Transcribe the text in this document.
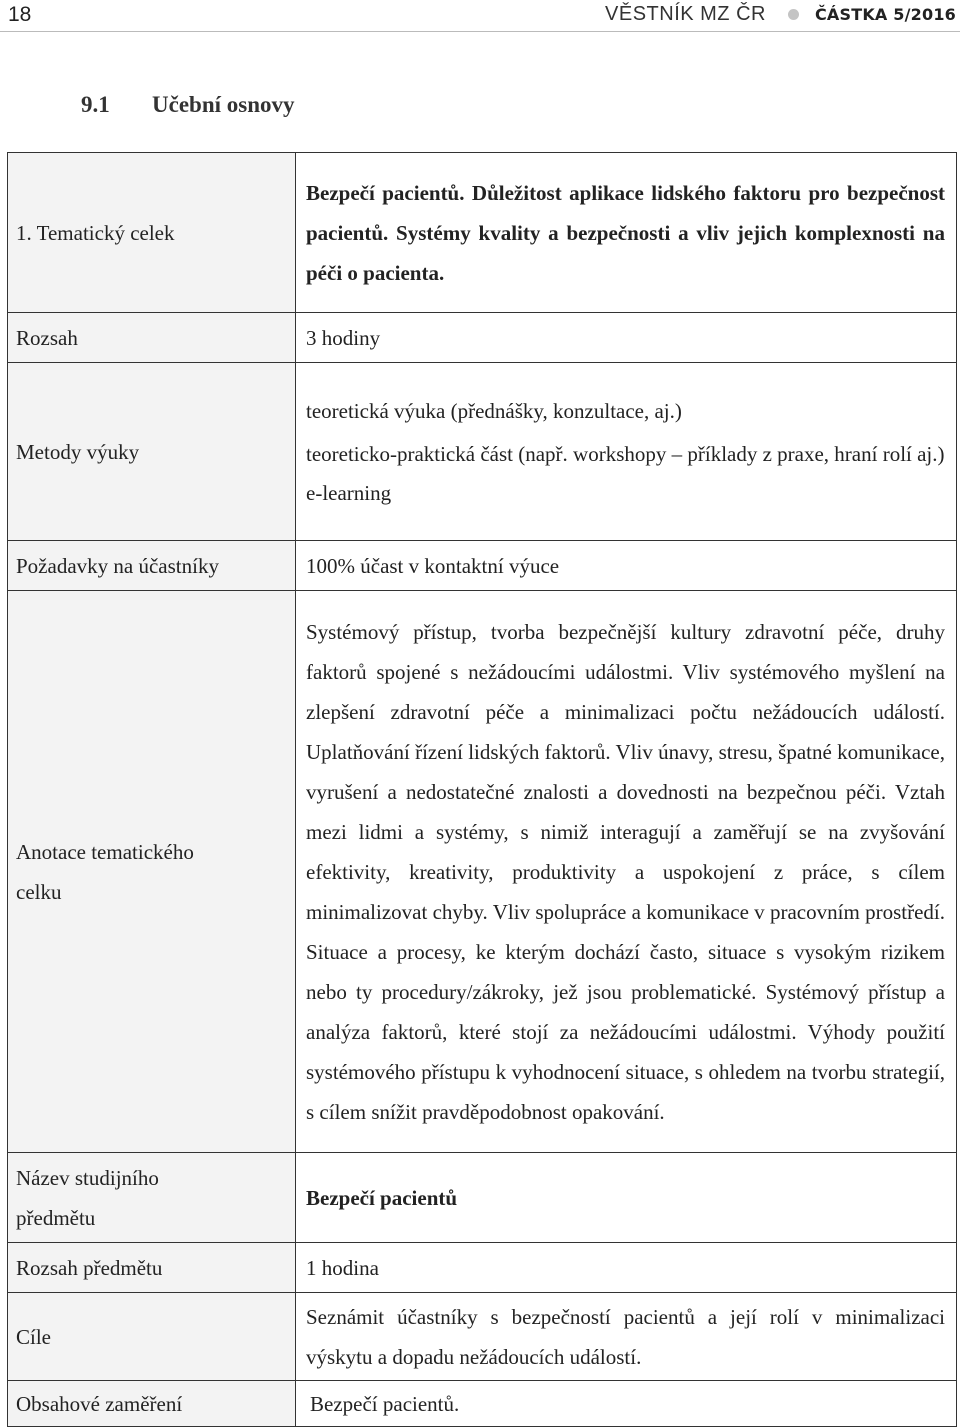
18	VĚSTNÍK MZ ČR	ČÁSTKA 5/2016
9.1	Učební osnovy
1. Tematický celek	Bezpečí pacientů. Důležitost aplikace lidského faktoru pro bezpečnost pacientů. Systémy kvality a bezpečnosti a vliv jejich komplexnosti na péči o pacienta.

Rozsah	3 hodiny

Metody výuky	teoretická výuka (přednášky, konzultace, aj.)

teoreticko-praktická část (např. workshopy – příklady z praxe, hraní rolí aj.)

e-learning

Požadavky na účastníky	100% účast v kontaktní výuce

Anotace tematického
celku	Systémový přístup, tvorba bezpečnější kultury zdravotní péče, druhy faktorů spojené s nežádoucími událostmi. Vliv systémového myšlení na zlepšení zdravotní péče a minimalizaci počtu nežádoucích událostí. Uplatňování řízení lidských faktorů. Vliv únavy, stresu, špatné komunikace, vyrušení a nedostatečné znalosti a dovednosti na bezpečnou péči. Vztah mezi lidmi a systémy, s nimiž interagují a zaměřují se na zvyšování efektivity, kreativity, produktivity a uspokojení z práce, s cílem minimalizovat chyby. Vliv spolupráce a komunikace v pracovním prostředí. Situace a procesy, ke kterým dochází často, situace s vysokým rizikem nebo ty procedury/zákroky, jež jsou problematické. Systémový přístup a analýza faktorů, které stojí za nežádoucími událostmi. Výhody použití systémového přístupu k vyhodnocení situace, s ohledem na tvorbu strategií, s cílem snížit pravděpodobnost opakování.

Název studijního
předmětu	Bezpečí pacientů

Rozsah předmětu	1 hodina

Cíle	Seznámit účastníky s bezpečností pacientů a její rolí v minimalizaci výskytu a dopadu nežádoucích událostí.

Obsahové zaměření	Bezpečí pacientů.
